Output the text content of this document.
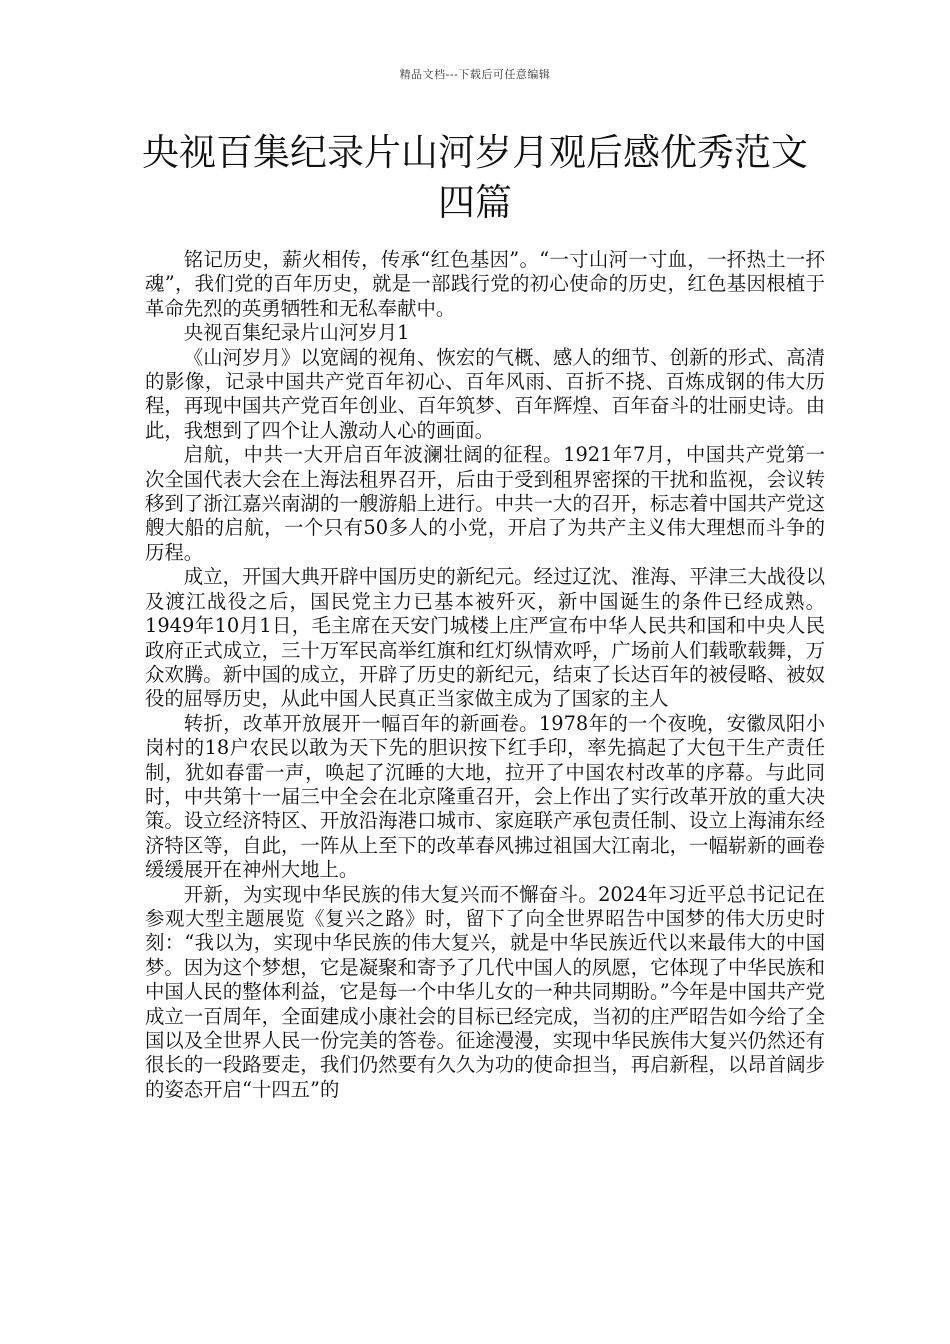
精品文档---下载后可任意编辑
央视百集纪录片山河岁月观后感优秀范文四篇

铭记历史，薪火相传，传承“红色基因”。“一寸山河一寸血，一抔热土一抔魂”，我们党的百年历史，就是一部践行党的初心使命的历史，红色基因根植于革命先烈的英勇牺牲和无私奉献中。

央视百集纪录片山河岁月1

《山河岁月》以宽阔的视角、恢宏的气概、感人的细节、创新的形式、高清的影像，记录中国共产党百年初心、百年风雨、百折不挠、百炼成钢的伟大历程，再现中国共产党百年创业、百年筑梦、百年辉煌、百年奋斗的壮丽史诗。由此，我想到了四个让人激动人心的画面。

启航，中共一大开启百年波澜壮阔的征程。1921年7月，中国共产党第一次全国代表大会在上海法租界召开，后由于受到租界密探的干扰和监视，会议转移到了浙江嘉兴南湖的一艘游船上进行。中共一大的召开，标志着中国共产党这艘大船的启航，一个只有50多人的小党，开启了为共产主义伟大理想而斗争的历程。

成立，开国大典开辟中国历史的新纪元。经过辽沈、淮海、平津三大战役以及渡江战役之后，国民党主力已基本被歼灭，新中国诞生的条件已经成熟。1949年10月1日，毛主席在天安门城楼上庄严宣布中华人民共和国和中央人民政府正式成立，三十万军民高举红旗和红灯纵情欢呼，广场前人们载歌载舞，万众欢腾。新中国的成立，开辟了历史的新纪元，结束了长达百年的被侵略、被奴役的屈辱历史，从此中国人民真正当家做主成为了国家的主人

转折，改革开放展开一幅百年的新画卷。1978年的一个夜晚，安徽凤阳小岗村的18户农民以敢为天下先的胆识按下红手印，率先搞起了大包干生产责任制，犹如春雷一声，唤起了沉睡的大地，拉开了中国农村改革的序幕。与此同时，中共第十一届三中全会在北京隆重召开，会上作出了实行改革开放的重大决策。设立经济特区、开放沿海港口城市、家庭联产承包责任制、设立上海浦东经济特区等，自此，一阵从上至下的改革春风拂过祖国大江南北，一幅崭新的画卷缓缓展开在神州大地上。

开新，为实现中华民族的伟大复兴而不懈奋斗。2024年习近平总书记记在参观大型主题展览《复兴之路》时，留下了向全世界昭告中国梦的伟大历史时刻：“我以为，实现中华民族的伟大复兴，就是中华民族近代以来最伟大的中国梦。因为这个梦想，它是凝聚和寄予了几代中国人的夙愿，它体现了中华民族和中国人民的整体利益，它是每一个中华儿女的一种共同期盼。”今年是中国共产党成立一百周年，全面建成小康社会的目标已经完成，当初的庄严昭告如今给了全国以及全世界人民一份完美的答卷。征途漫漫，实现中华民族伟大复兴仍然还有很长的一段路要走，我们仍然要有久久为功的使命担当，再启新程，以昂首阔步的姿态开启“十四五”的
